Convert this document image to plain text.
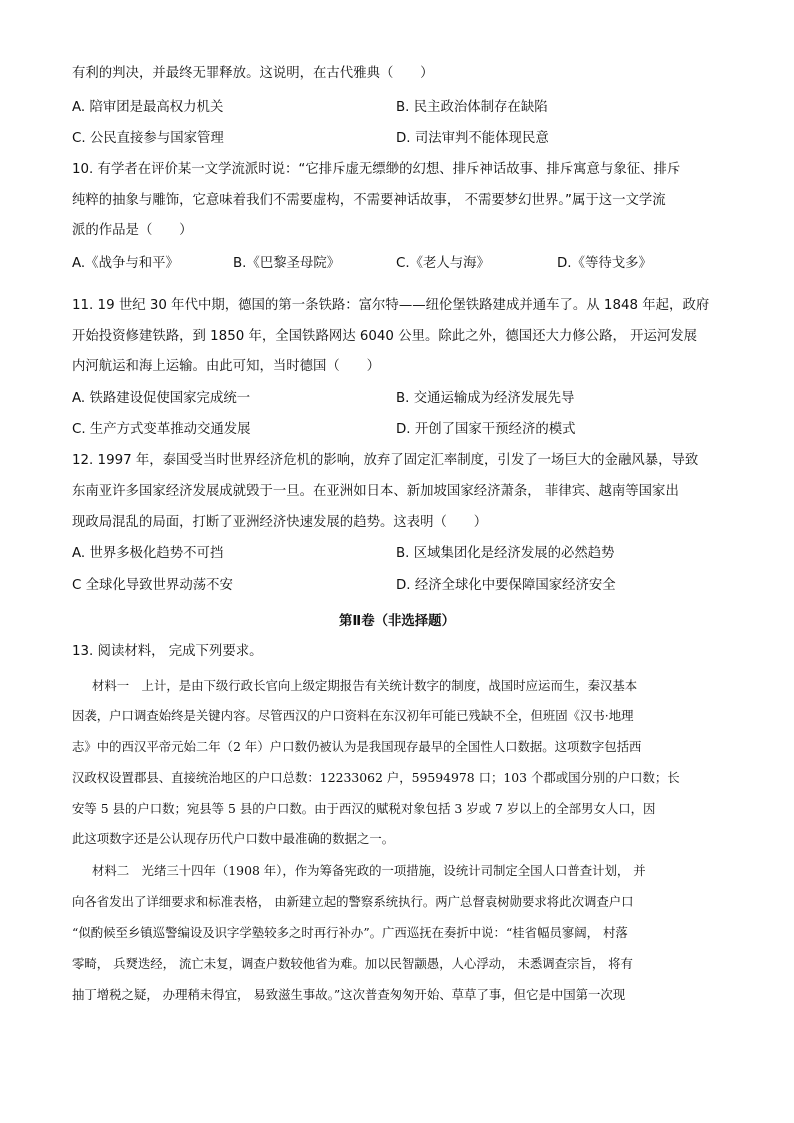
有利的判决，并最终无罪释放。这说明，在古代雅典（　　）
A. 陪审团是最高权力机关	B. 民主政治体制存在缺陷
C. 公民直接参与国家管理	D. 司法审判不能体现民意
10. 有学者在评价某一文学流派时说：“它排斥虚无缥缈的幻想、排斥神话故事、排斥寓意与象征、排斥
纯粹的抽象与雕饰，它意味着我们不需要虚构，不需要神话故事， 不需要梦幻世界。”属于这一文学流
派的作品是（　　）
A.《战争与和平》	B.《巴黎圣母院》	C.《老人与海》	D.《等待戈多》
11. 19 世纪 30 年代中期，德国的第一条铁路：富尔特——纽伦堡铁路建成并通车了。从 1848 年起，政府
开始投资修建铁路，到 1850 年，全国铁路网达 6040 公里。除此之外，德国还大力修公路， 开运河发展
内河航运和海上运输。由此可知，当时德国（　　）
A. 铁路建设促使国家完成统一	B. 交通运输成为经济发展先导
C. 生产方式变革推动交通发展	D. 开创了国家干预经济的模式
12. 1997 年，泰国受当时世界经济危机的影响，放弃了固定汇率制度，引发了一场巨大的金融风暴，导致
东南亚许多国家经济发展成就毁于一旦。在亚洲如日本、新加坡国家经济萧条， 菲律宾、越南等国家出
现政局混乱的局面，打断了亚洲经济快速发展的趋势。这表明（　　）
A. 世界多极化趋势不可挡	B. 区域集团化是经济发展的必然趋势
C 全球化导致世界动荡不安	D. 经济全球化中要保障国家经济安全
第Ⅱ卷（非选择题）
13. 阅读材料， 完成下列要求。
材料一　上计，是由下级行政长官向上级定期报告有关统计数字的制度，战国时应运而生，秦汉基本
因袭，户口调查始终是关键内容。尽管西汉的户口资料在东汉初年可能已残缺不全，但班固《汉书·地理
志》中的西汉平帝元始二年（2 年）户口数仍被认为是我国现存最早的全国性人口数据。这项数字包括西
汉政权设置郡县、直接统治地区的户口总数：12233062 户，59594978 口；103 个郡或国分别的户口数；长
安等 5 县的户口数；宛县等 5 县的户口数。由于西汉的赋税对象包括 3 岁或 7 岁以上的全部男女人口，因
此这项数字还是公认现存历代户口数中最准确的数据之一。
材料二　光绪三十四年（1908 年），作为筹备宪政的一项措施，设统计司制定全国人口普查计划， 并
向各省发出了详细要求和标准表格， 由新建立起的警察系统执行。两广总督袁树勋要求将此次调查户口
“似酌候至乡镇巡警编设及识字学塾较多之时再行补办”。广西巡抚在奏折中说：“桂省幅员寥阔， 村落
零畸， 兵燹迭经， 流亡未复，调查户数较他省为难。加以民智颛愚，人心浮动， 未悉调查宗旨， 将有
抽丁增税之疑， 办理稍未得宜， 易致滋生事故。”这次普查匆匆开始、草草了事，但它是中国第一次现
